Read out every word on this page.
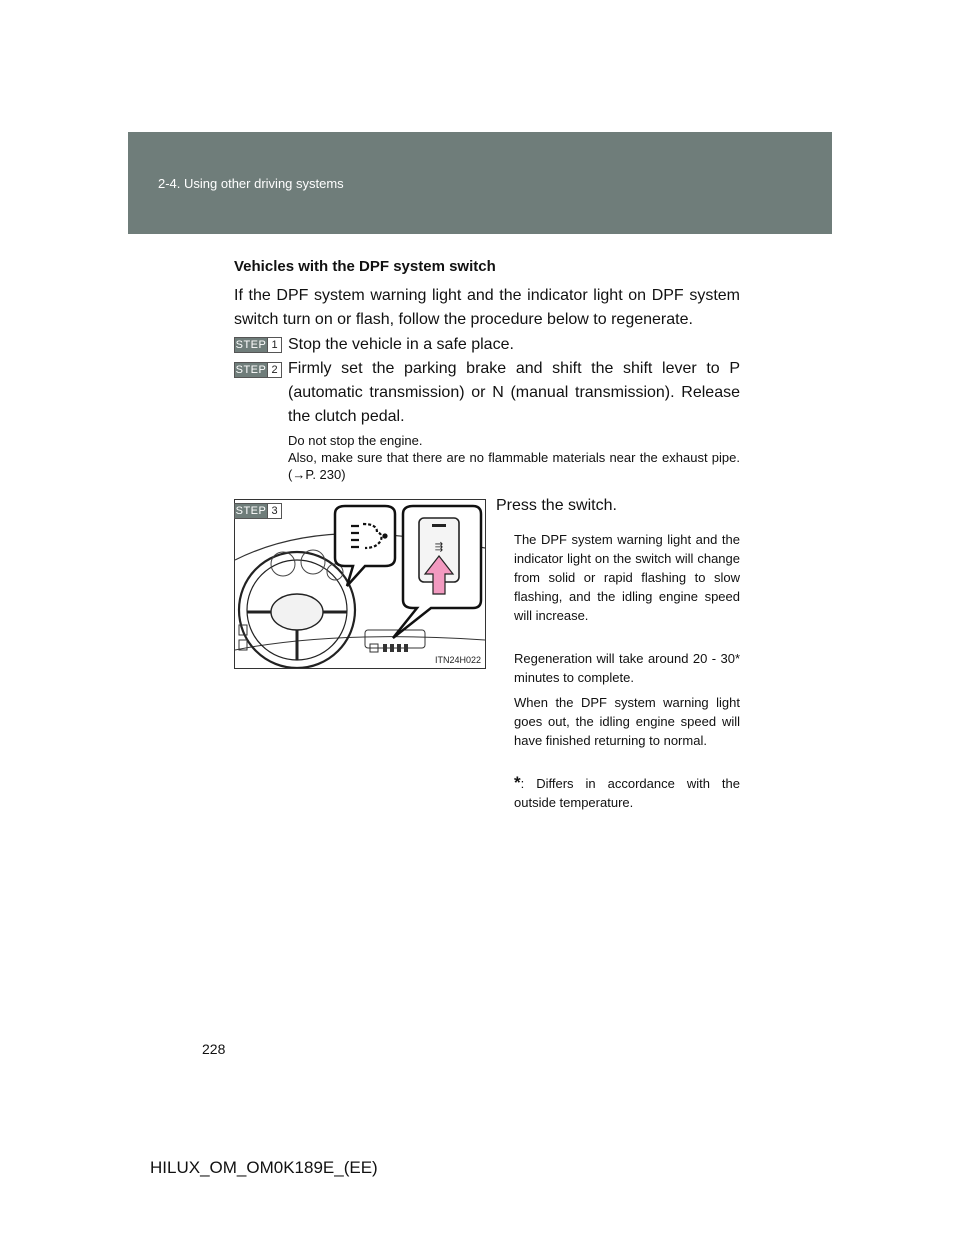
2-4. Using other driving systems
Vehicles with the DPF system switch
If the DPF system warning light and the indicator light on DPF system switch turn on or flash, follow the procedure below to regenerate.
STEP 1 Stop the vehicle in a safe place.
STEP 2 Firmly set the parking brake and shift the shift lever to P (automatic transmission) or N (manual transmission). Release the clutch pedal.
Do not stop the engine.
Also, make sure that there are no flammable materials near the exhaust pipe. (→P. 230)
STEP 3
⇶
ITN24H022
Press the switch.
The DPF system warning light and the indicator light on the switch will change from solid or rapid flashing to slow flashing, and the idling engine speed will increase.
Regeneration will take around 20 - 30* minutes to complete.
When the DPF system warning light goes out, the idling engine speed will have finished returning to normal.
*: Differs in accordance with the outside temperature.
228
HILUX_OM_OM0K189E_(EE)
